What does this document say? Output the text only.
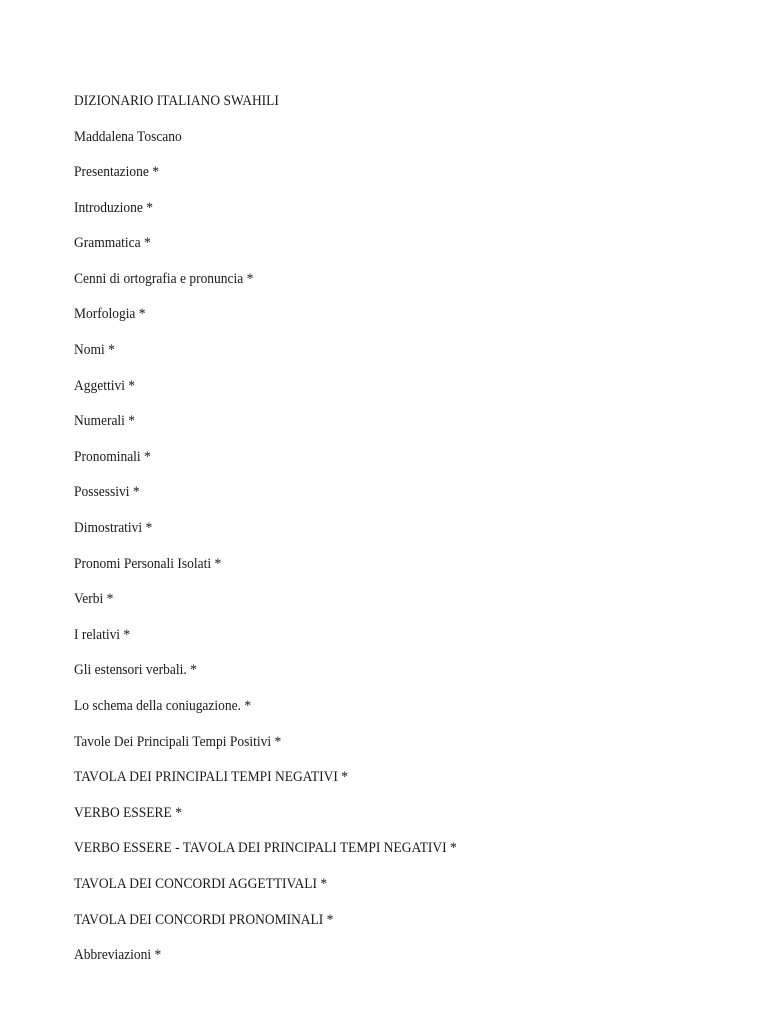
DIZIONARIO ITALIANO SWAHILI

Maddalena Toscano

Presentazione *

Introduzione *

Grammatica *

Cenni di ortografia e pronuncia *

Morfologia *

Nomi *

Aggettivi *

Numerali *

Pronominali *

Possessivi *

Dimostrativi *

Pronomi Personali Isolati *

Verbi *

I relativi *

Gli estensori verbali. *

Lo schema della coniugazione. *

Tavole Dei Principali Tempi Positivi *

TAVOLA DEI PRINCIPALI TEMPI NEGATIVI *

VERBO ESSERE *

VERBO ESSERE - TAVOLA DEI PRINCIPALI TEMPI NEGATIVI *

TAVOLA DEI CONCORDI AGGETTIVALI *

TAVOLA DEI CONCORDI PRONOMINALI *

Abbreviazioni *
